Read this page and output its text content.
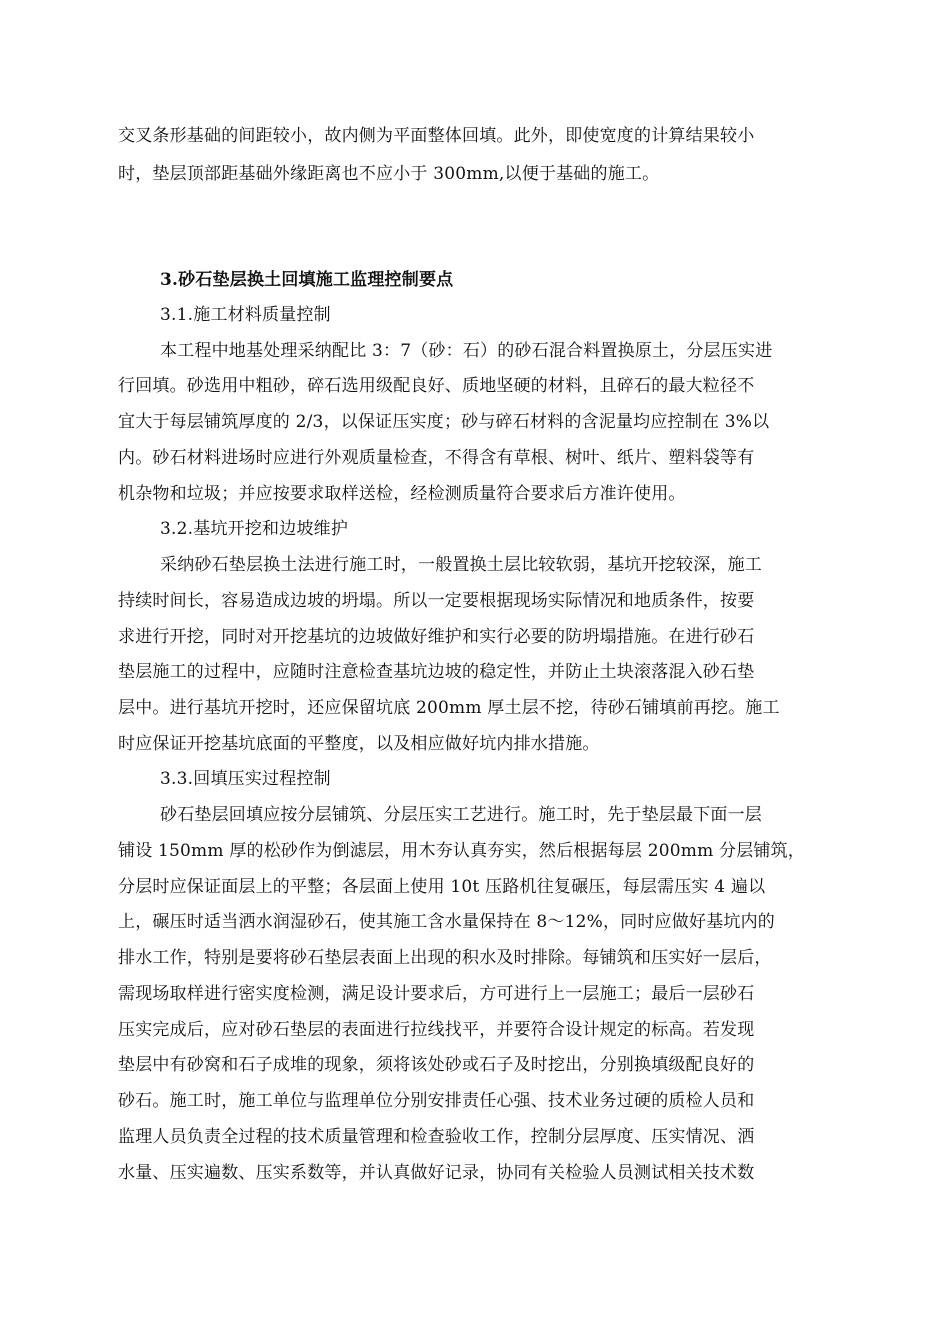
交叉条形基础的间距较小，故内侧为平面整体回填。此外，即使宽度的计算结果较小
时，垫层顶部距基础外缘距离也不应小于 300mm,以便于基础的施工。
3.砂石垫层换土回填施工监理控制要点
3.1.施工材料质量控制
本工程中地基处理采纳配比 3：7（砂：石）的砂石混合料置换原土，分层压实进
行回填。砂选用中粗砂，碎石选用级配良好、质地坚硬的材料，且碎石的最大粒径不
宜大于每层铺筑厚度的 2/3，以保证压实度；砂与碎石材料的含泥量均应控制在 3%以
内。砂石材料进场时应进行外观质量检查，不得含有草根、树叶、纸片、塑料袋等有
机杂物和垃圾；并应按要求取样送检，经检测质量符合要求后方准许使用。
3.2.基坑开挖和边坡维护
采纳砂石垫层换土法进行施工时，一般置换土层比较软弱，基坑开挖较深，施工
持续时间长，容易造成边坡的坍塌。所以一定要根据现场实际情况和地质条件，按要
求进行开挖，同时对开挖基坑的边坡做好维护和实行必要的防坍塌措施。在进行砂石
垫层施工的过程中，应随时注意检查基坑边坡的稳定性，并防止土块滚落混入砂石垫
层中。进行基坑开挖时，还应保留坑底 200mm 厚土层不挖，待砂石铺填前再挖。施工
时应保证开挖基坑底面的平整度，以及相应做好坑内排水措施。
3.3.回填压实过程控制
砂石垫层回填应按分层铺筑、分层压实工艺进行。施工时，先于垫层最下面一层
铺设 150mm 厚的松砂作为倒滤层，用木夯认真夯实，然后根据每层 200mm 分层铺筑，
分层时应保证面层上的平整；各层面上使用 10t 压路机往复碾压，每层需压实 4 遍以
上，碾压时适当洒水润湿砂石，使其施工含水量保持在 8～12%，同时应做好基坑内的
排水工作，特别是要将砂石垫层表面上出现的积水及时排除。每铺筑和压实好一层后，
需现场取样进行密实度检测，满足设计要求后，方可进行上一层施工；最后一层砂石
压实完成后，应对砂石垫层的表面进行拉线找平，并要符合设计规定的标高。若发现
垫层中有砂窝和石子成堆的现象，须将该处砂或石子及时挖出，分别换填级配良好的
砂石。施工时，施工单位与监理单位分别安排责任心强、技术业务过硬的质检人员和
监理人员负责全过程的技术质量管理和检查验收工作，控制分层厚度、压实情况、洒
水量、压实遍数、压实系数等，并认真做好记录，协同有关检验人员测试相关技术数
